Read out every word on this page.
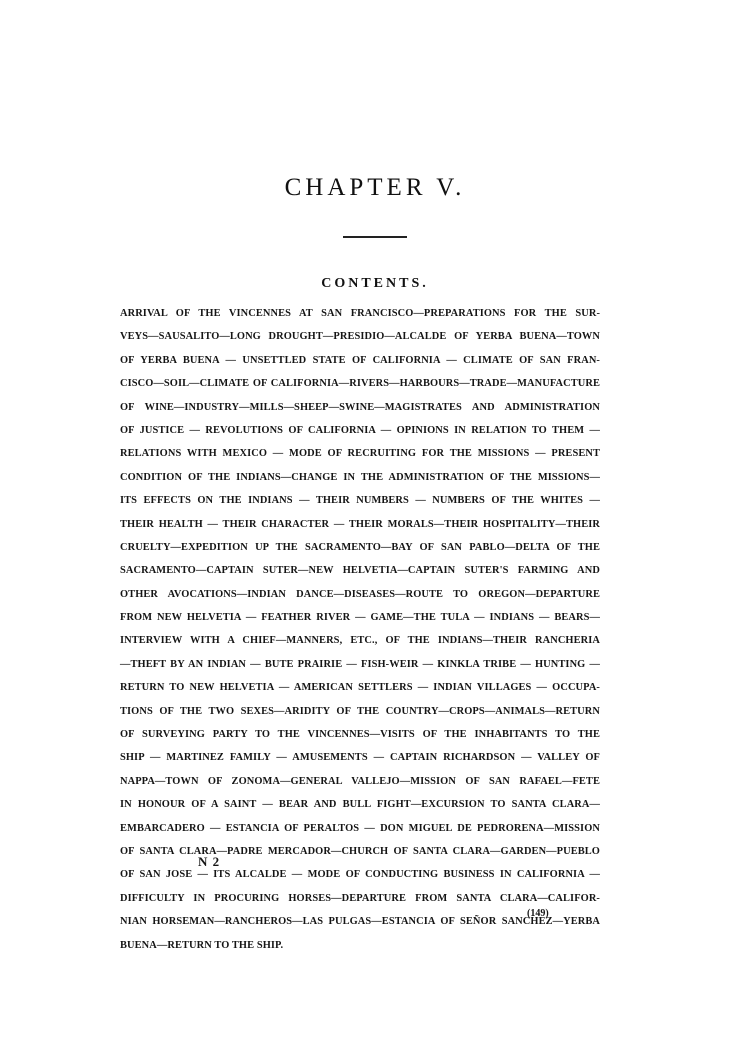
CHAPTER V.
CONTENTS.
ARRIVAL OF THE VINCENNES AT SAN FRANCISCO—PREPARATIONS FOR THE SUR-
VEYS—SAUSALITO—LONG DROUGHT—PRESIDIO—ALCALDE OF YERBA BUENA—TOWN
OF YERBA BUENA — UNSETTLED STATE OF CALIFORNIA — CLIMATE OF SAN FRAN-
CISCO—SOIL—CLIMATE OF CALIFORNIA—RIVERS—HARBOURS—TRADE—MANUFACTURE
OF WINE—INDUSTRY—MILLS—SHEEP—SWINE—MAGISTRATES AND ADMINISTRATION
OF JUSTICE — REVOLUTIONS OF CALIFORNIA — OPINIONS IN RELATION TO THEM —
RELATIONS WITH MEXICO — MODE OF RECRUITING FOR THE MISSIONS — PRESENT
CONDITION OF THE INDIANS—CHANGE IN THE ADMINISTRATION OF THE MISSIONS—
ITS EFFECTS ON THE INDIANS — THEIR NUMBERS — NUMBERS OF THE WHITES —
THEIR HEALTH — THEIR CHARACTER — THEIR MORALS—THEIR HOSPITALITY—THEIR
CRUELTY—EXPEDITION UP THE SACRAMENTO—BAY OF SAN PABLO—DELTA OF THE
SACRAMENTO—CAPTAIN SUTER—NEW HELVETIA—CAPTAIN SUTER'S FARMING AND
OTHER AVOCATIONS—INDIAN DANCE—DISEASES—ROUTE TO OREGON—DEPARTURE
FROM NEW HELVETIA — FEATHER RIVER — GAME—THE TULA — INDIANS — BEARS—
INTERVIEW WITH A CHIEF—MANNERS, ETC., OF THE INDIANS—THEIR RANCHERIA
—THEFT BY AN INDIAN — BUTE PRAIRIE — FISH-WEIR — KINKLA TRIBE — HUNTING —
RETURN TO NEW HELVETIA — AMERICAN SETTLERS — INDIAN VILLAGES — OCCUPA-
TIONS OF THE TWO SEXES—ARIDITY OF THE COUNTRY—CROPS—ANIMALS—RETURN
OF SURVEYING PARTY TO THE VINCENNES—VISITS OF THE INHABITANTS TO THE
SHIP — MARTINEZ FAMILY — AMUSEMENTS — CAPTAIN RICHARDSON — VALLEY OF
NAPPA—TOWN OF ZONOMA—GENERAL VALLEJO—MISSION OF SAN RAFAEL—FETE
IN HONOUR OF A SAINT — BEAR AND BULL FIGHT—EXCURSION TO SANTA CLARA—
EMBARCADERO — ESTANCIA OF PERALTOS — DON MIGUEL DE PEDRORENA—MISSION
OF SANTA CLARA—PADRE MERCADOR—CHURCH OF SANTA CLARA—GARDEN—PUEBLO
OF SAN JOSE — ITS ALCALDE — MODE OF CONDUCTING BUSINESS IN CALIFORNIA —
DIFFICULTY IN PROCURING HORSES—DEPARTURE FROM SANTA CLARA—CALIFOR-
NIAN HORSEMAN—RANCHEROS—LAS PULGAS—ESTANCIA OF SEÑOR SANCHEZ—YERBA
BUENA—RETURN TO THE SHIP.
N 2
(149)
